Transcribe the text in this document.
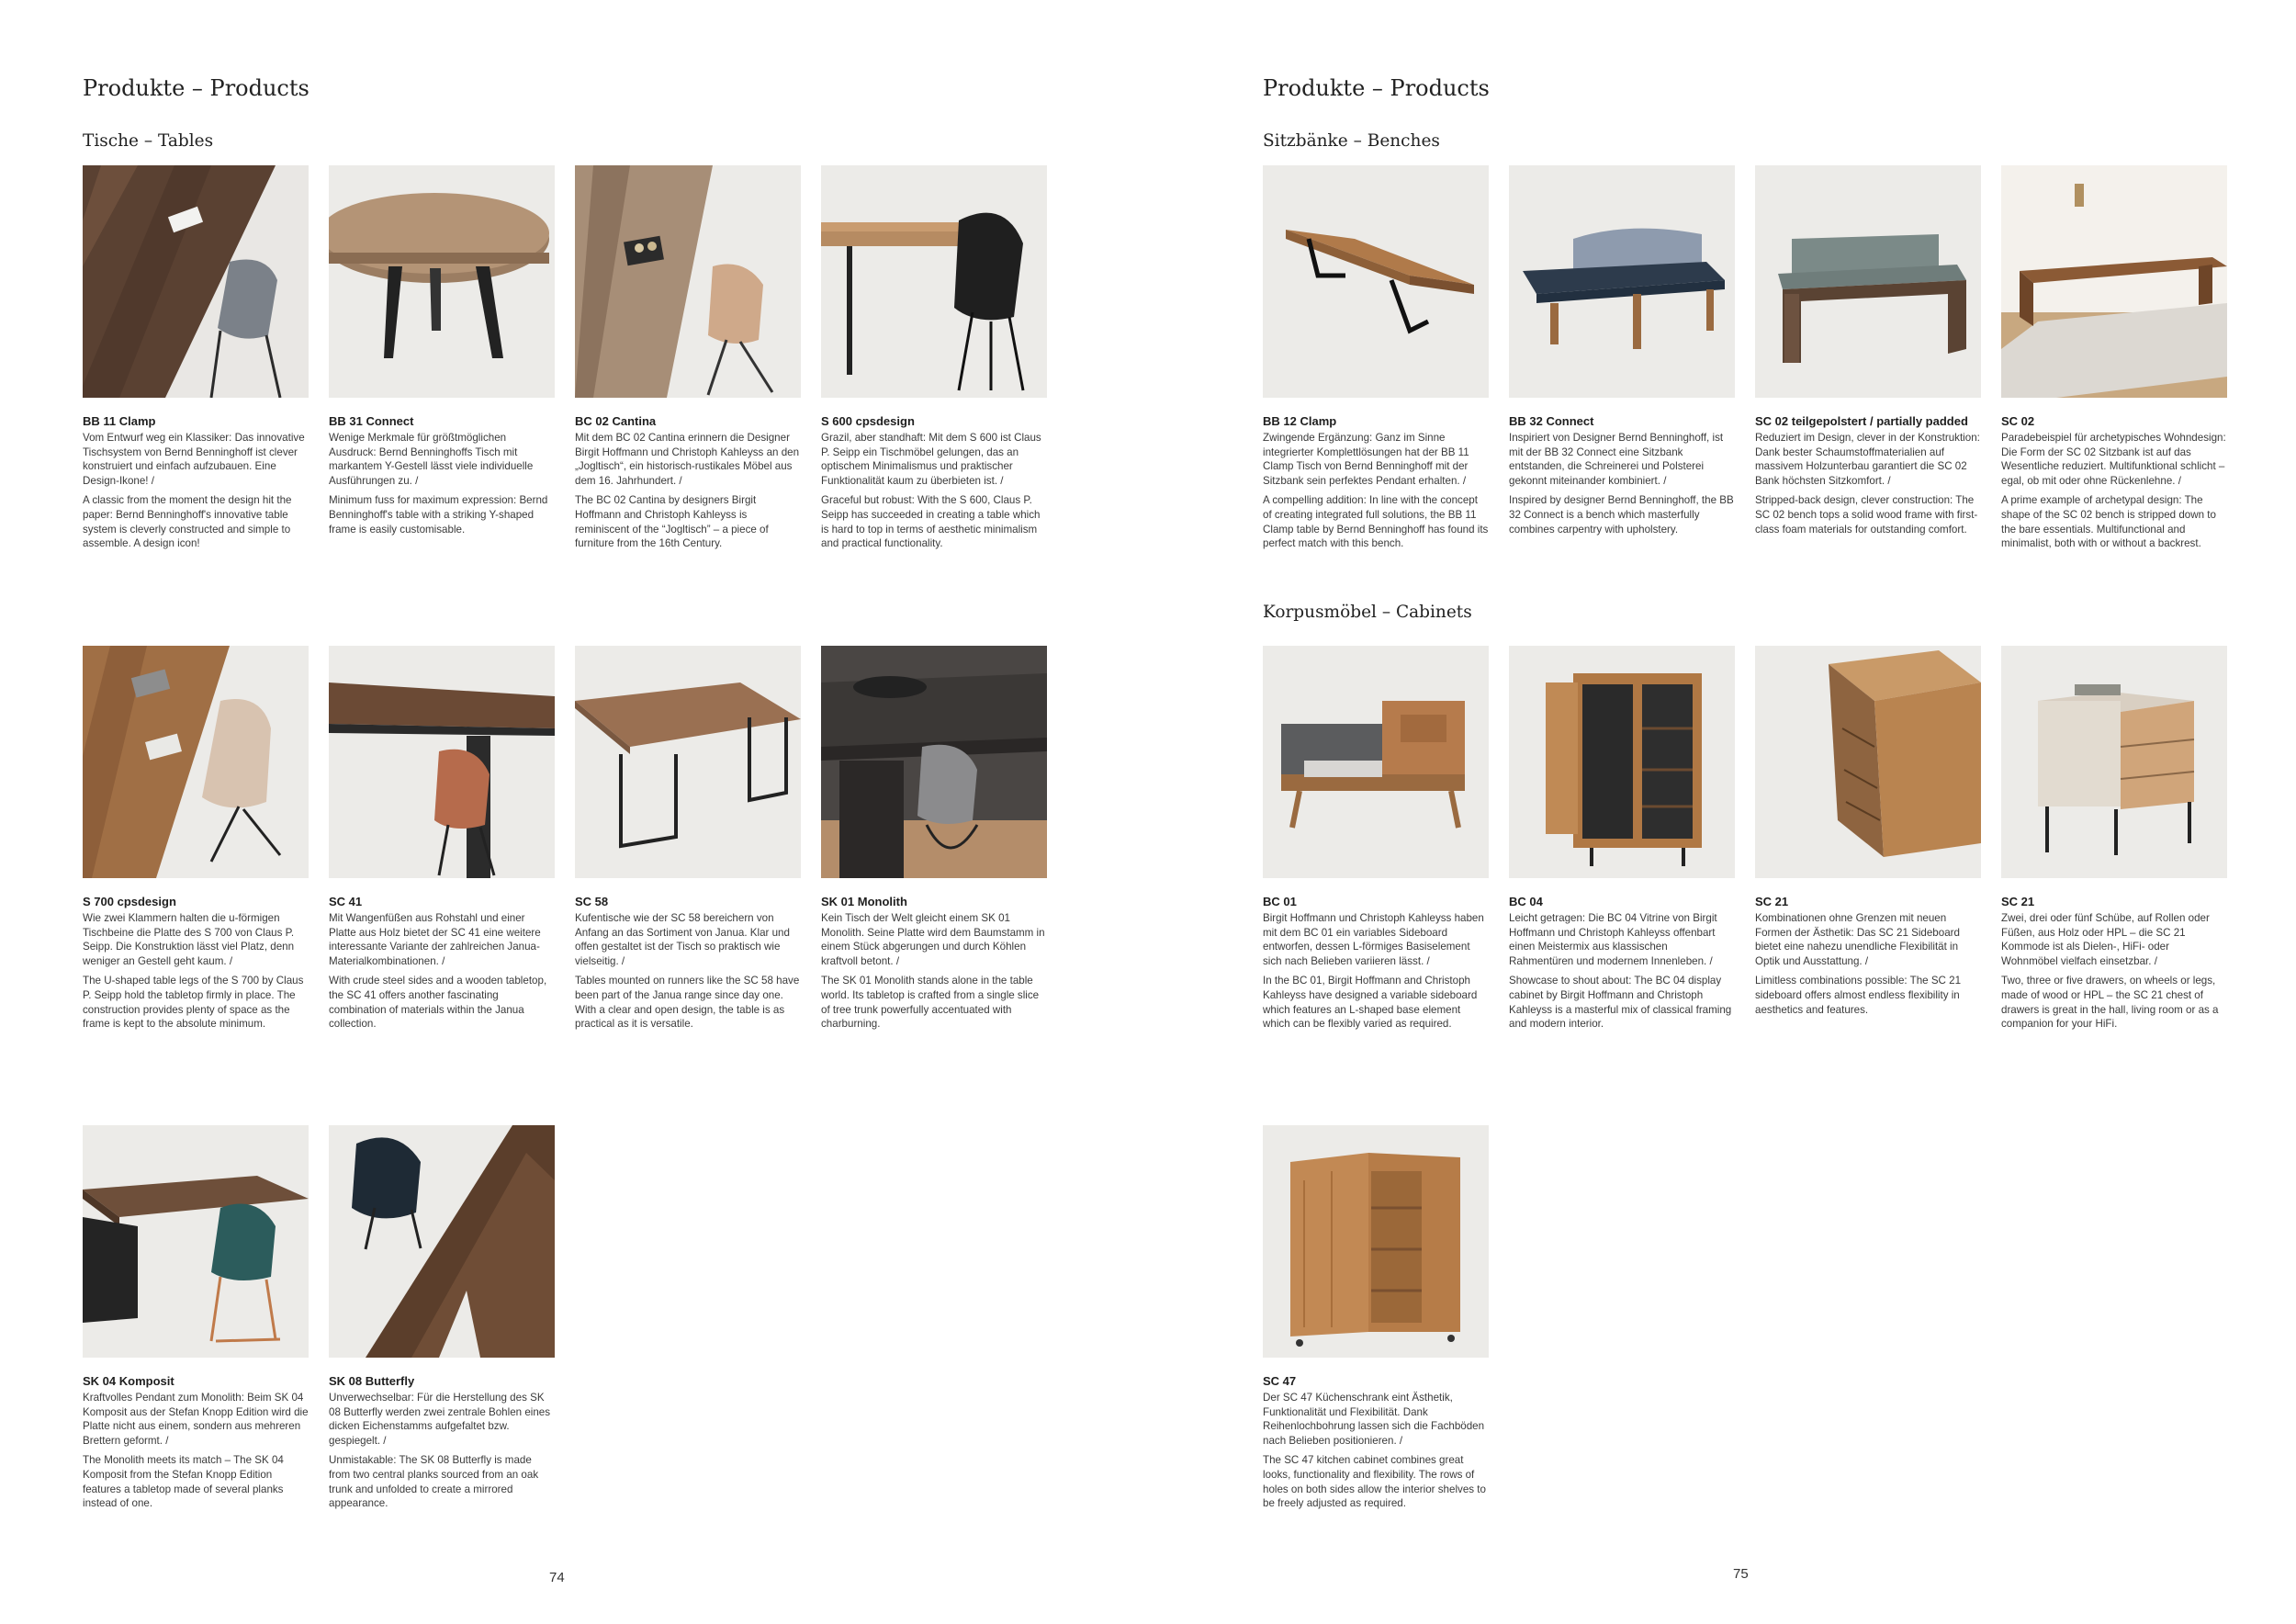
Produkte – Products
Tische – Tables

BB 11 Clamp

Vom Entwurf weg ein Klassiker: Das innovative Tischsystem von Bernd Benninghoff ist clever konstruiert und einfach aufzubauen. Eine Design-Ikone! /

A classic from the moment the design hit the paper: Bernd Benninghoff's innovative table system is cleverly constructed and simple to assemble. A design icon!

BB 31 Connect

Wenige Merkmale für größtmöglichen Ausdruck: Bernd Benninghoffs Tisch mit markantem Y-Gestell lässt viele individuelle Ausführungen zu. /

Minimum fuss for maximum expression: Bernd Benninghoff's table with a striking Y-shaped frame is easily customisable.

BC 02 Cantina

Mit dem BC 02 Cantina erinnern die Designer Birgit Hoffmann und Christoph Kahleyss an den „Jogltisch“, ein historisch-rustikales Möbel aus dem 16. Jahrhundert. /

The BC 02 Cantina by designers Birgit Hoffmann and Christoph Kahleyss is reminiscent of the “Jogltisch” – a piece of furniture from the 16th Century.

S 600 cpsdesign

Grazil, aber standhaft: Mit dem S 600 ist Claus P. Seipp ein Tischmöbel gelungen, das an optischem Minimalismus und praktischer Funktionalität kaum zu überbieten ist. /

Graceful but robust: With the S 600, Claus P. Seipp has succeeded in creating a table which is hard to top in terms of aesthetic minimalism and practical functionality.

S 700 cpsdesign

Wie zwei Klammern halten die u-förmigen Tischbeine die Platte des S 700 von Claus P. Seipp. Die Konstruktion lässt viel Platz, denn weniger an Gestell geht kaum. /

The U-shaped table legs of the S 700 by Claus P. Seipp hold the tabletop firmly in place. The construction provides plenty of space as the frame is kept to the absolute minimum.

SC 41

Mit Wangenfüßen aus Rohstahl und einer Platte aus Holz bietet der SC 41 eine weitere interessante Variante der zahlreichen Janua-Materialkombinationen. /

With crude steel sides and a wooden tabletop, the SC 41 offers another fascinating combination of materials within the Janua collection.

SC 58

Kufentische wie der SC 58 bereichern von Anfang an das Sortiment von Janua. Klar und offen gestaltet ist der Tisch so praktisch wie vielseitig. /

Tables mounted on runners like the SC 58 have been part of the Janua range since day one. With a clear and open design, the table is as practical as it is versatile.

SK 01 Monolith

Kein Tisch der Welt gleicht einem SK 01 Monolith. Seine Platte wird dem Baumstamm in einem Stück abgerungen und durch Köhlen kraftvoll betont. /

The SK 01 Monolith stands alone in the table world. Its tabletop is crafted from a single slice of tree trunk powerfully accentuated with charburning.

SK 04 Komposit

Kraftvolles Pendant zum Monolith: Beim SK 04 Komposit aus der Stefan Knopp Edition wird die Platte nicht aus einem, sondern aus mehreren Brettern geformt. /

The Monolith meets its match – The SK 04 Komposit from the Stefan Knopp Edition features a tabletop made of several planks instead of one.

SK 08 Butterfly

Unverwechselbar: Für die Herstellung des SK 08 Butterfly werden zwei zentrale Bohlen eines dicken Eichenstamms aufgefaltet bzw. gespiegelt. /

Unmistakable: The SK 08 Butterfly is made from two central planks sourced from an oak trunk and unfolded to create a mirrored appearance.

74
Produkte – Products
Sitzbänke – Benches
Korpusmöbel – Cabinets

BB 12 Clamp

Zwingende Ergänzung: Ganz im Sinne integrierter Komplettlösungen hat der BB 11 Clamp Tisch von Bernd Benninghoff mit der Sitzbank sein perfektes Pendant erhalten. /

A compelling addition: In line with the concept of creating integrated full solutions, the BB 11 Clamp table by Bernd Benninghoff has found its perfect match with this bench.

BB 32 Connect

Inspiriert von Designer Bernd Benninghoff, ist mit der BB 32 Connect eine Sitzbank entstanden, die Schreinerei und Polsterei gekonnt miteinander kombiniert. /

Inspired by designer Bernd Benninghoff, the BB 32 Connect is a bench which masterfully combines carpentry with upholstery.

SC 02 teilgepolstert / partially padded

Reduziert im Design, clever in der Konstruktion: Dank bester Schaumstoffmaterialien auf massivem Holzunterbau garantiert die SC 02 Bank höchsten Sitzkomfort. /

Stripped-back design, clever construction: The SC 02 bench tops a solid wood frame with first-class foam materials for outstanding comfort.

SC 02

Paradebeispiel für archetypisches Wohndesign: Die Form der SC 02 Sitzbank ist auf das Wesentliche reduziert. Multifunktional schlicht – egal, ob mit oder ohne Rückenlehne. /

A prime example of archetypal design: The shape of the SC 02 bench is stripped down to the bare essentials. Multifunctional and minimalist, both with or without a backrest.

BC 01

Birgit Hoffmann und Christoph Kahleyss haben mit dem BC 01 ein variables Sideboard entworfen, dessen L-förmiges Basiselement sich nach Belieben variieren lässt. /

In the BC 01, Birgit Hoffmann and Christoph Kahleyss have designed a variable sideboard which features an L-shaped base element which can be flexibly varied as required.

BC 04

Leicht getragen: Die BC 04 Vitrine von Birgit Hoffmann und Christoph Kahleyss offenbart einen Meistermix aus klassischen Rahmentüren und modernem Innenleben. /

Showcase to shout about: The BC 04 display cabinet by Birgit Hoffmann and Christoph Kahleyss is a masterful mix of classical framing and modern interior.

SC 21

Kombinationen ohne Grenzen mit neuen Formen der Ästhetik: Das SC 21 Sideboard bietet eine nahezu unendliche Flexibilität in Optik und Ausstattung. /

Limitless combinations possible: The SC 21 sideboard offers almost endless flexibility in aesthetics and features.

SC 21

Zwei, drei oder fünf Schübe, auf Rollen oder Füßen, aus Holz oder HPL – die SC 21 Kommode ist als Dielen-, HiFi- oder Wohnmöbel vielfach einsetzbar. /

Two, three or five drawers, on wheels or legs, made of wood or HPL – the SC 21 chest of drawers is great in the hall, living room or as a companion for your HiFi.

SC 47

Der SC 47 Küchenschrank eint Ästhetik, Funktionalität und Flexibilität. Dank Reihenlochbohrung lassen sich die Fachböden nach Belieben positionieren. /

The SC 47 kitchen cabinet combines great looks, functionality and flexibility. The rows of holes on both sides allow the interior shelves to be freely adjusted as required.

75
